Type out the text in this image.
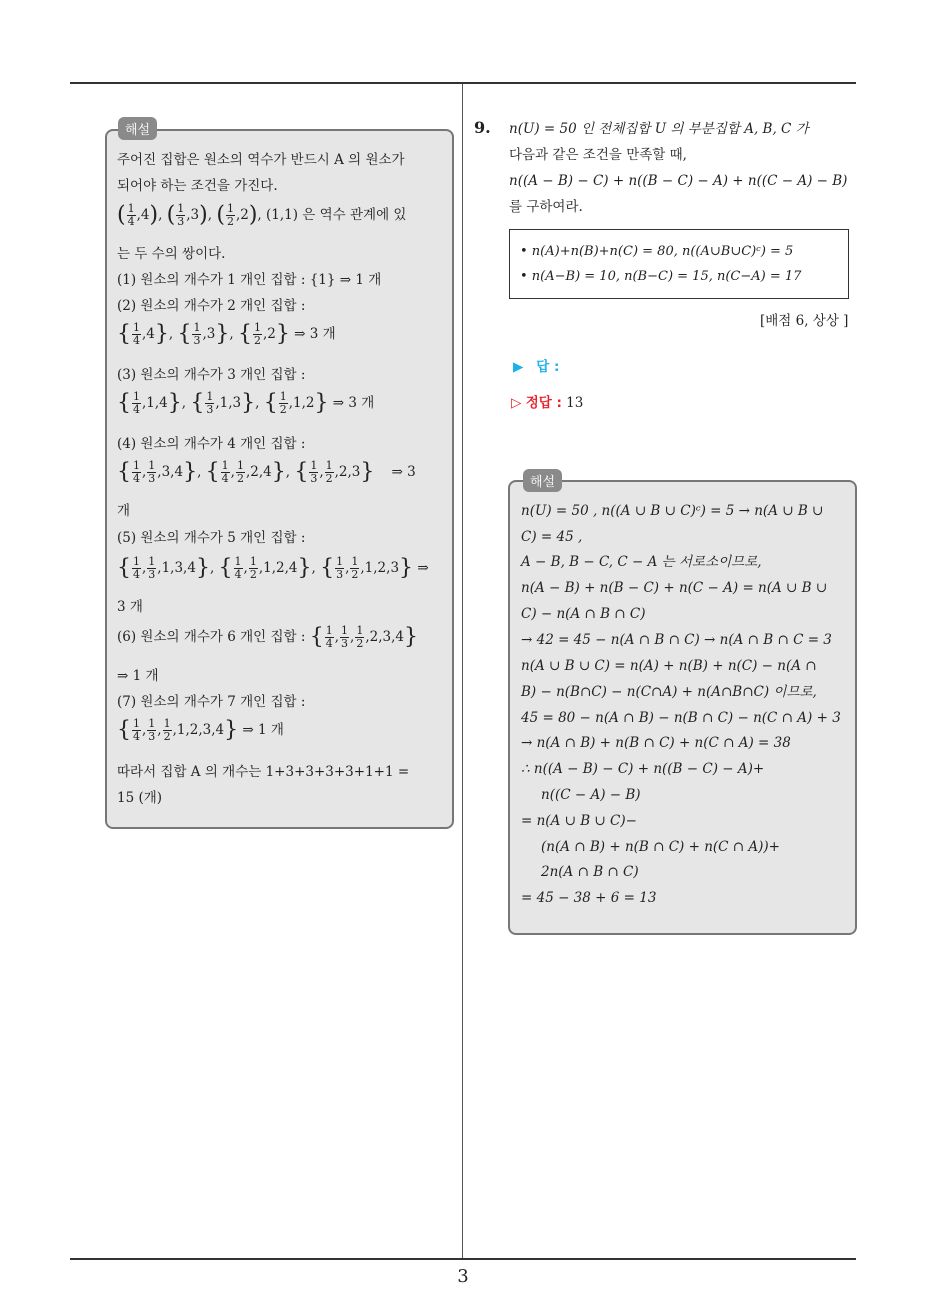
3
해설
주어진 집합은 원소의 역수가 반드시 A 의 원소가
되어야 하는 조건을 가진다.
( $\frac{1}{4} ,4$), ( $\frac{1}{3} ,3$), ( $\frac{1}{2} ,2$), (1,1) 은 역수 관계에 있
는 두 수의 쌍이다.
(1) 원소의 개수가 1 개인 집합 : {1} ⇒ 1 개
(2) 원소의 개수가 2 개인 집합 :
{ $\frac{1}{4} ,4$}, { $\frac{1}{3} ,3$}, { $\frac{1}{2} ,2$} ⇒ 3 개
(3) 원소의 개수가 3 개인 집합 :
{ $\frac{1}{4} ,1,4$}, { $\frac{1}{3} ,1,3$}, { $\frac{1}{2} ,1,2$} ⇒ 3 개
(4) 원소의 개수가 4 개인 집합 :
{ $\frac{1}{4}$ , $\frac{1}{3} ,3,4$}, { $\frac{1}{4}$ , $\frac{1}{2} ,2,4$}, { $\frac{1}{3}$ , $\frac{1}{2} ,2,3$} ⇒ 3
개
(5) 원소의 개수가 5 개인 집합 :
{ $\frac{1}{4}$ , $\frac{1}{3} ,1,3,4$}, { $\frac{1}{4}$ , $\frac{1}{2} ,1,2,4$}, { $\frac{1}{3}$ , $\frac{1}{2} ,1,2,3$} ⇒
3 개
(6) 원소의 개수가 6 개인 집합 : { $\frac{1}{4}$ , $\frac{1}{3}$ , $\frac{1}{2} ,2,3,4$}
⇒ 1 개
(7) 원소의 개수가 7 개인 집합 :
{ $\frac{1}{4}$ , $\frac{1}{3}$ , $\frac{1}{2} ,1,2,3,4$} ⇒ 1 개
따라서 집합 A 의 개수는 1+3+3+3+3+1+1 =
15 (개)
9. n(U) = 50 인 전체집합 U 의 부분집합 A, B, C 가
다음과 같은 조건을 만족할 때,
n((A − B) − C) + n((B − C) − A) + n((C − A) − B)
를 구하여라.
• n(A)+n(B)+n(C) = 80, n((A∪B∪C)ᶜ) = 5
• n(A−B) = 10, n(B−C) = 15, n(C−A) = 17
[배점 6, 상상 ]
▶ 답 :
▷ 정답 : 13
해설
n(U) = 50 , n((A ∪ B ∪ C)ᶜ) = 5 → n(A ∪ B ∪
C) = 45 ,
A − B, B − C, C − A 는 서로소이므로,
n(A − B) + n(B − C) + n(C − A) = n(A ∪ B ∪
C) − n(A ∩ B ∩ C)
→ 42 = 45 − n(A ∩ B ∩ C) → n(A ∩ B ∩ C = 3
n(A ∪ B ∪ C) = n(A) + n(B) + n(C) − n(A ∩
B) − n(B∩C) − n(C∩A) + n(A∩B∩C) 이므로,
45 = 80 − n(A ∩ B) − n(B ∩ C) − n(C ∩ A) + 3
→ n(A ∩ B) + n(B ∩ C) + n(C ∩ A) = 38
∴ n((A − B) − C) + n((B − C) − A)+
n((C − A) − B)
= n(A ∪ B ∪ C)−
(n(A ∩ B) + n(B ∩ C) + n(C ∩ A))+
2n(A ∩ B ∩ C)
= 45 − 38 + 6 = 13
